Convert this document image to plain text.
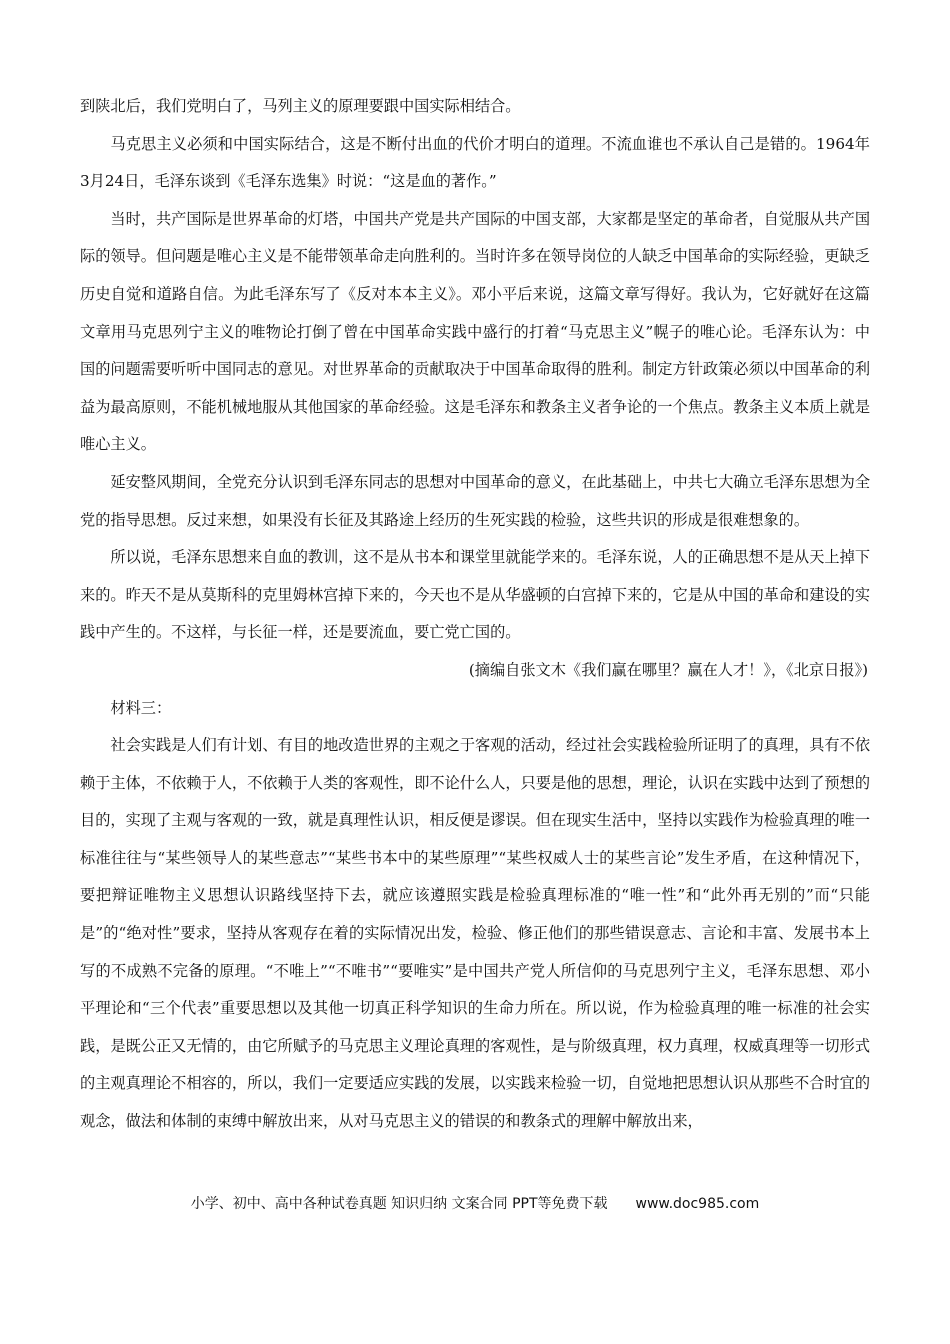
到陕北后，我们党明白了，马列主义的原理要跟中国实际相结合。

马克思主义必须和中国实际结合，这是不断付出血的代价才明白的道理。不流血谁也不承认自己是错的。1964年3月24日，毛泽东谈到《毛泽东选集》时说：“这是血的著作。”

当时，共产国际是世界革命的灯塔，中国共产党是共产国际的中国支部，大家都是坚定的革命者，自觉服从共产国际的领导。但问题是唯心主义是不能带领革命走向胜利的。当时许多在领导岗位的人缺乏中国革命的实际经验，更缺乏历史自觉和道路自信。为此毛泽东写了《反对本本主义》。邓小平后来说，这篇文章写得好。我认为，它好就好在这篇文章用马克思列宁主义的唯物论打倒了曾在中国革命实践中盛行的打着“马克思主义”幌子的唯心论。毛泽东认为：中国的问题需要听听中国同志的意见。对世界革命的贡献取决于中国革命取得的胜利。制定方针政策必须以中国革命的利益为最高原则，不能机械地服从其他国家的革命经验。这是毛泽东和教条主义者争论的一个焦点。教条主义本质上就是唯心主义。

延安整风期间，全党充分认识到毛泽东同志的思想对中国革命的意义，在此基础上，中共七大确立毛泽东思想为全党的指导思想。反过来想，如果没有长征及其路途上经历的生死实践的检验，这些共识的形成是很难想象的。

所以说，毛泽东思想来自血的教训，这不是从书本和课堂里就能学来的。毛泽东说，人的正确思想不是从天上掉下来的。昨天不是从莫斯科的克里姆林宫掉下来的，今天也不是从华盛顿的白宫掉下来的，它是从中国的革命和建设的实践中产生的。不这样，与长征一样，还是要流血，要亡党亡国的。

(摘编自张文木《我们赢在哪里？赢在人才！》，《北京日报》)

材料三：

社会实践是人们有计划、有目的地改造世界的主观之于客观的活动，经过社会实践检验所证明了的真理，具有不依赖于主体，不依赖于人，不依赖于人类的客观性，即不论什么人，只要是他的思想，理论，认识在实践中达到了预想的目的，实现了主观与客观的一致，就是真理性认识，相反便是谬误。但在现实生活中，坚持以实践作为检验真理的唯一标准往往与“某些领导人的某些意志”“某些书本中的某些原理”“某些权威人士的某些言论”发生矛盾，在这种情况下，要把辩证唯物主义思想认识路线坚持下去，就应该遵照实践是检验真理标准的“唯一性”和“此外再无别的”而“只能是”的“绝对性”要求，坚持从客观存在着的实际情况出发，检验、修正他们的那些错误意志、言论和丰富、发展书本上写的不成熟不完备的原理。“不唯上”“不唯书”“要唯实”是中国共产党人所信仰的马克思列宁主义，毛泽东思想、邓小平理论和“三个代表”重要思想以及其他一切真正科学知识的生命力所在。所以说，作为检验真理的唯一标准的社会实践，是既公正又无情的，由它所赋予的马克思主义理论真理的客观性，是与阶级真理，权力真理，权威真理等一切形式的主观真理论不相容的，所以，我们一定要适应实践的发展，以实践来检验一切，自觉地把思想认识从那些不合时宜的观念，做法和体制的束缚中解放出来，从对马克思主义的错误的和教条式的理解中解放出来，

小学、初中、高中各种试卷真题 知识归纳 文案合同 PPT等免费下载 www.doc985.com
